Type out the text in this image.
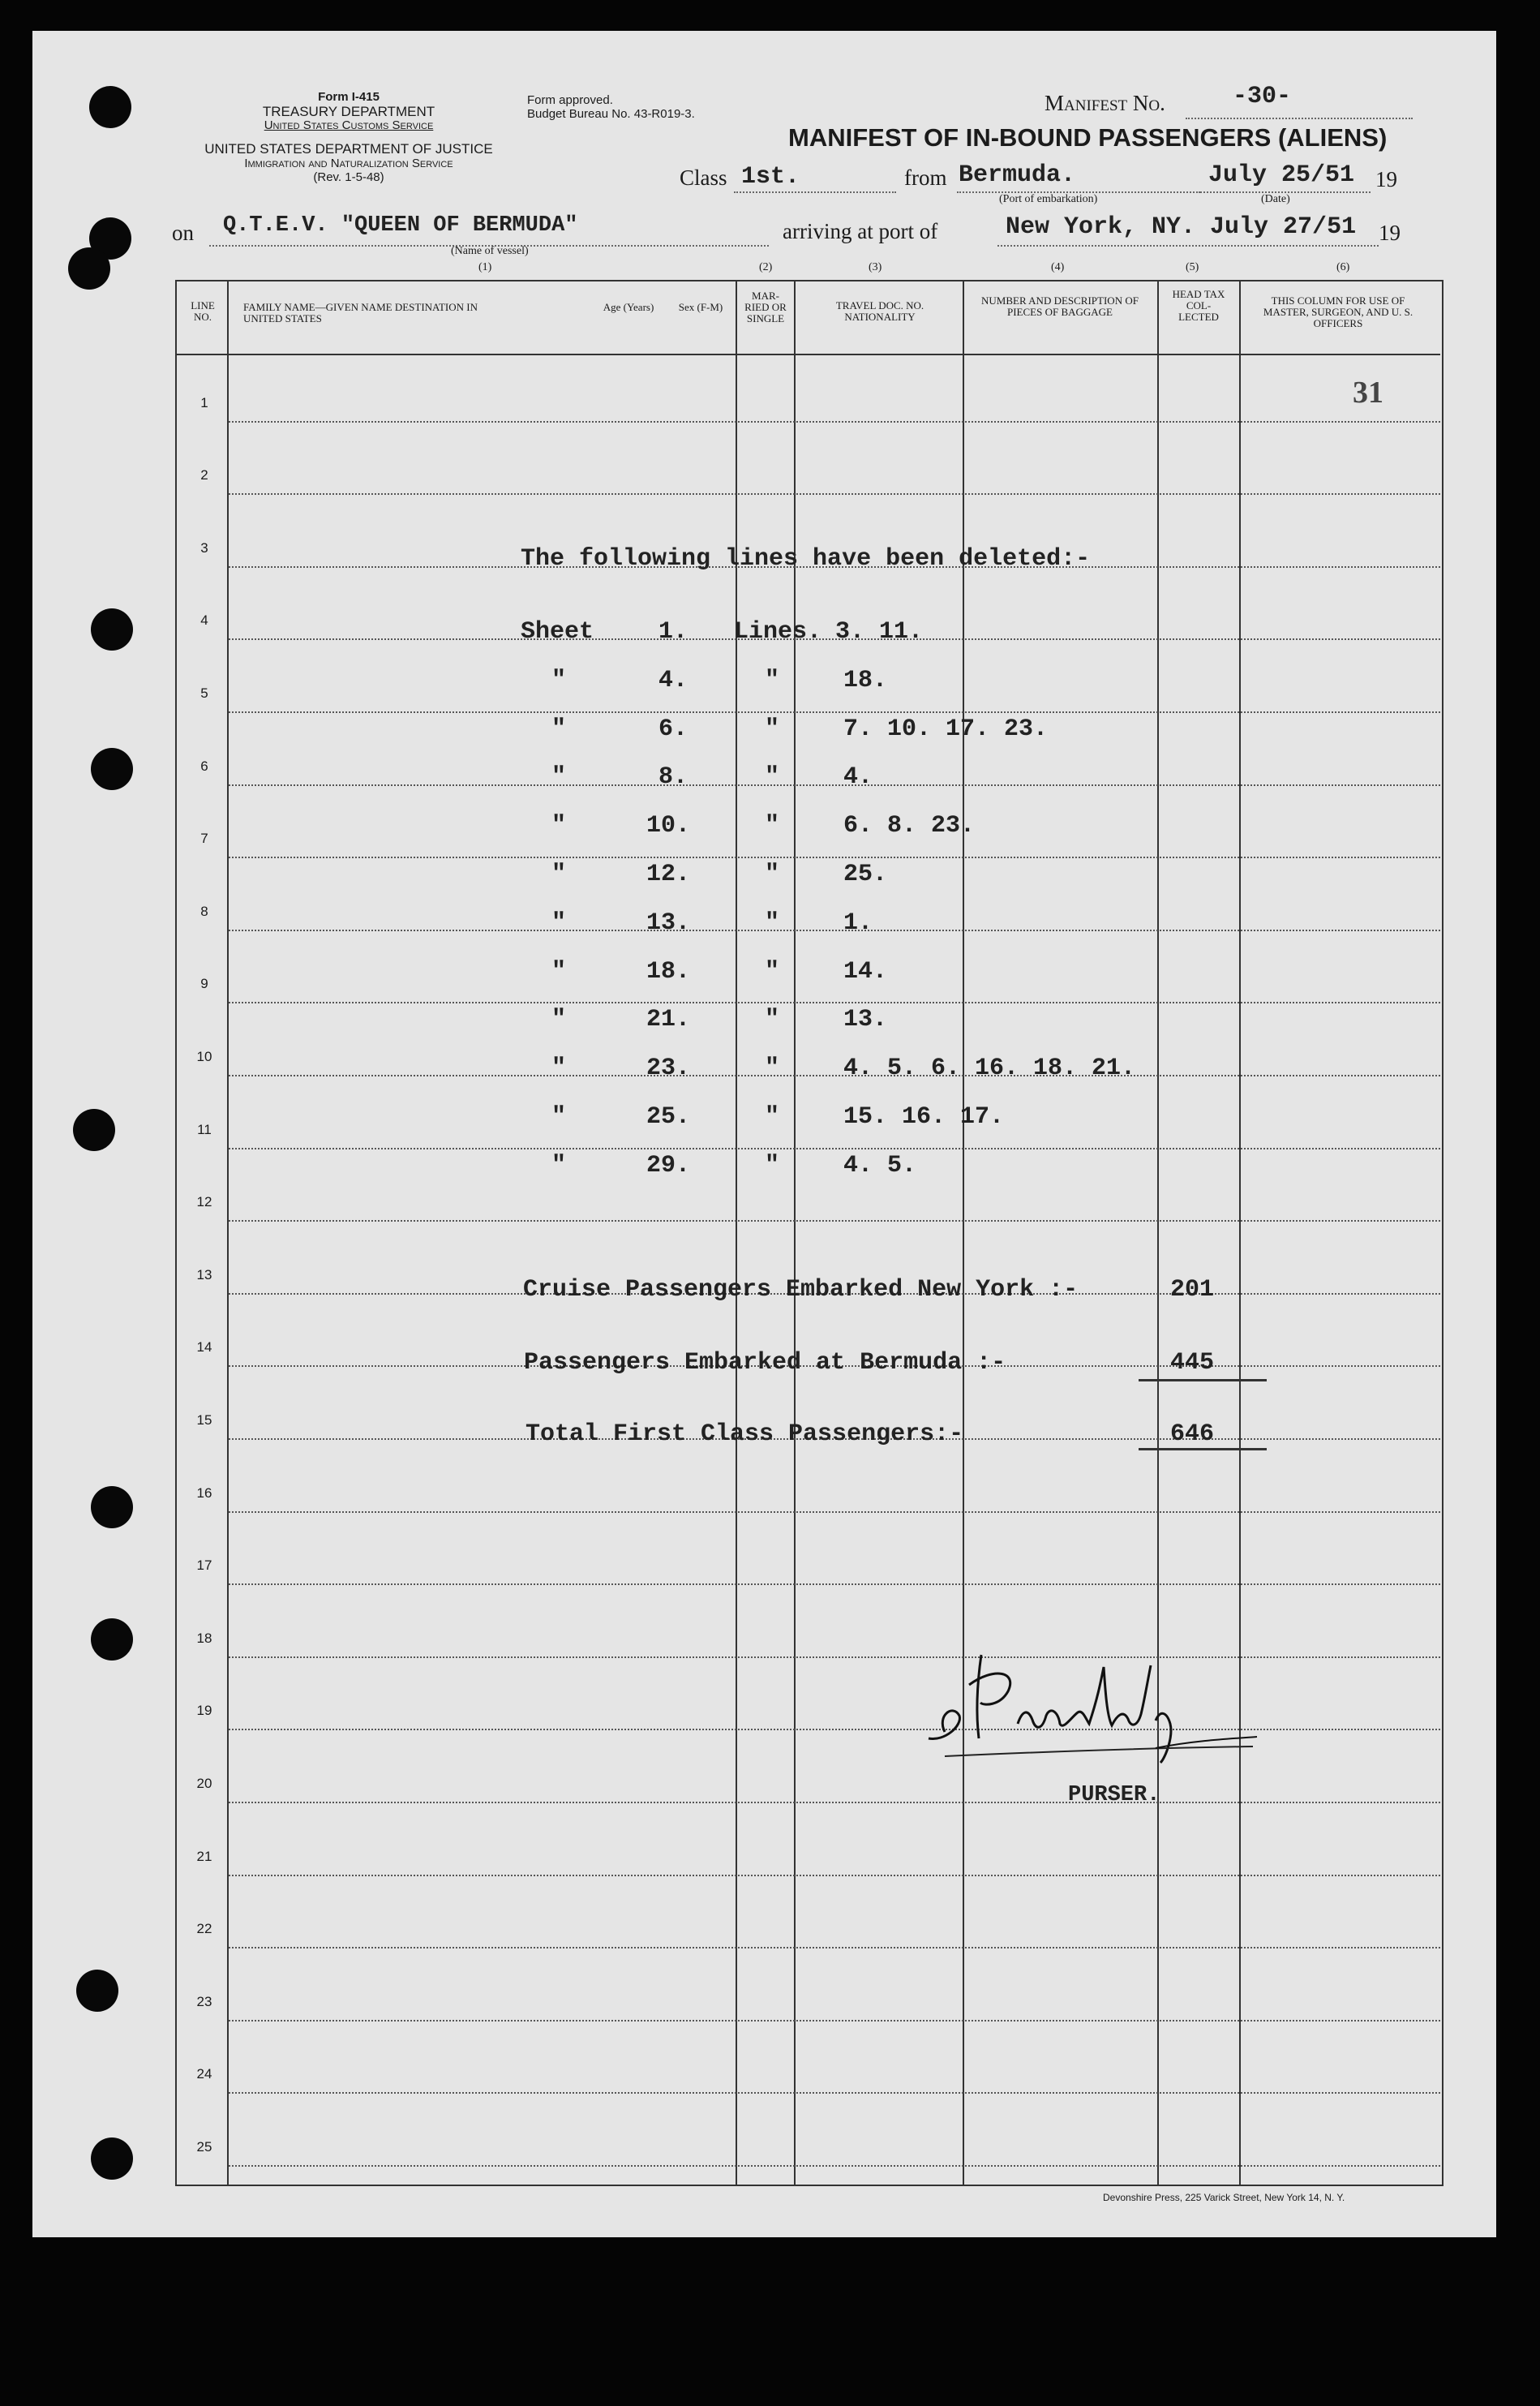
Form I-415
TREASURY DEPARTMENT
United States Customs Service
UNITED STATES DEPARTMENT OF JUSTICE
Immigration and Naturalization Service
(Rev. 1-5-48)
Form approved.
Budget Bureau No. 43-R019-3.	Manifest No.	-30-
MANIFEST OF IN-BOUND PASSENGERS (ALIENS)
Class 1st.	from Bermuda.
(Port of embarkation)
July 25/51 19
(Date)
on Q.T.E.V. "QUEEN OF BERMUDA"
(Name of vessel)
arriving at port of	New York, NY. July 27/51 19
(1)	(2)	(3)	(4)	(5)	(6)
LINE NO.
FAMILY NAME—GIVEN NAME DESTINATION IN UNITED STATES
Age (Years)	Sex (F-M)
MAR-RIED OR SINGLE
TRAVEL DOC. NO. NATIONALITY
NUMBER AND DESCRIPTION OF PIECES OF BAGGAGE
HEAD TAX COL-LECTED
THIS COLUMN FOR USE OF MASTER, SURGEON, AND U. S. OFFICERS
31
1
2
3
4
5
6
7
8
9
10
11
12
13
14
15
16
17
18
19
20
21
22
23
24
25
The following lines have been deleted:-
Sheet	1. Lines. 3. 11.
"	4.	"	18.
"	6.	"	7. 10. 17. 23.
"	8.	"	4.
"	10.	"	6. 8. 23.
"	12.	"	25.
"	13.	"	1.
"	18.	"	14.
"	21.	"	13.
"	23.	"	4. 5. 6. 16. 18. 21.
"	25.	"	15. 16. 17.
"	29.	"	4. 5.
Cruise Passengers Embarked New York :-	201
Passengers Embarked at Bermuda :-	445
Total First Class Passengers:-	646
PURSER.
Devonshire Press, 225 Varick Street, New York 14, N. Y.
